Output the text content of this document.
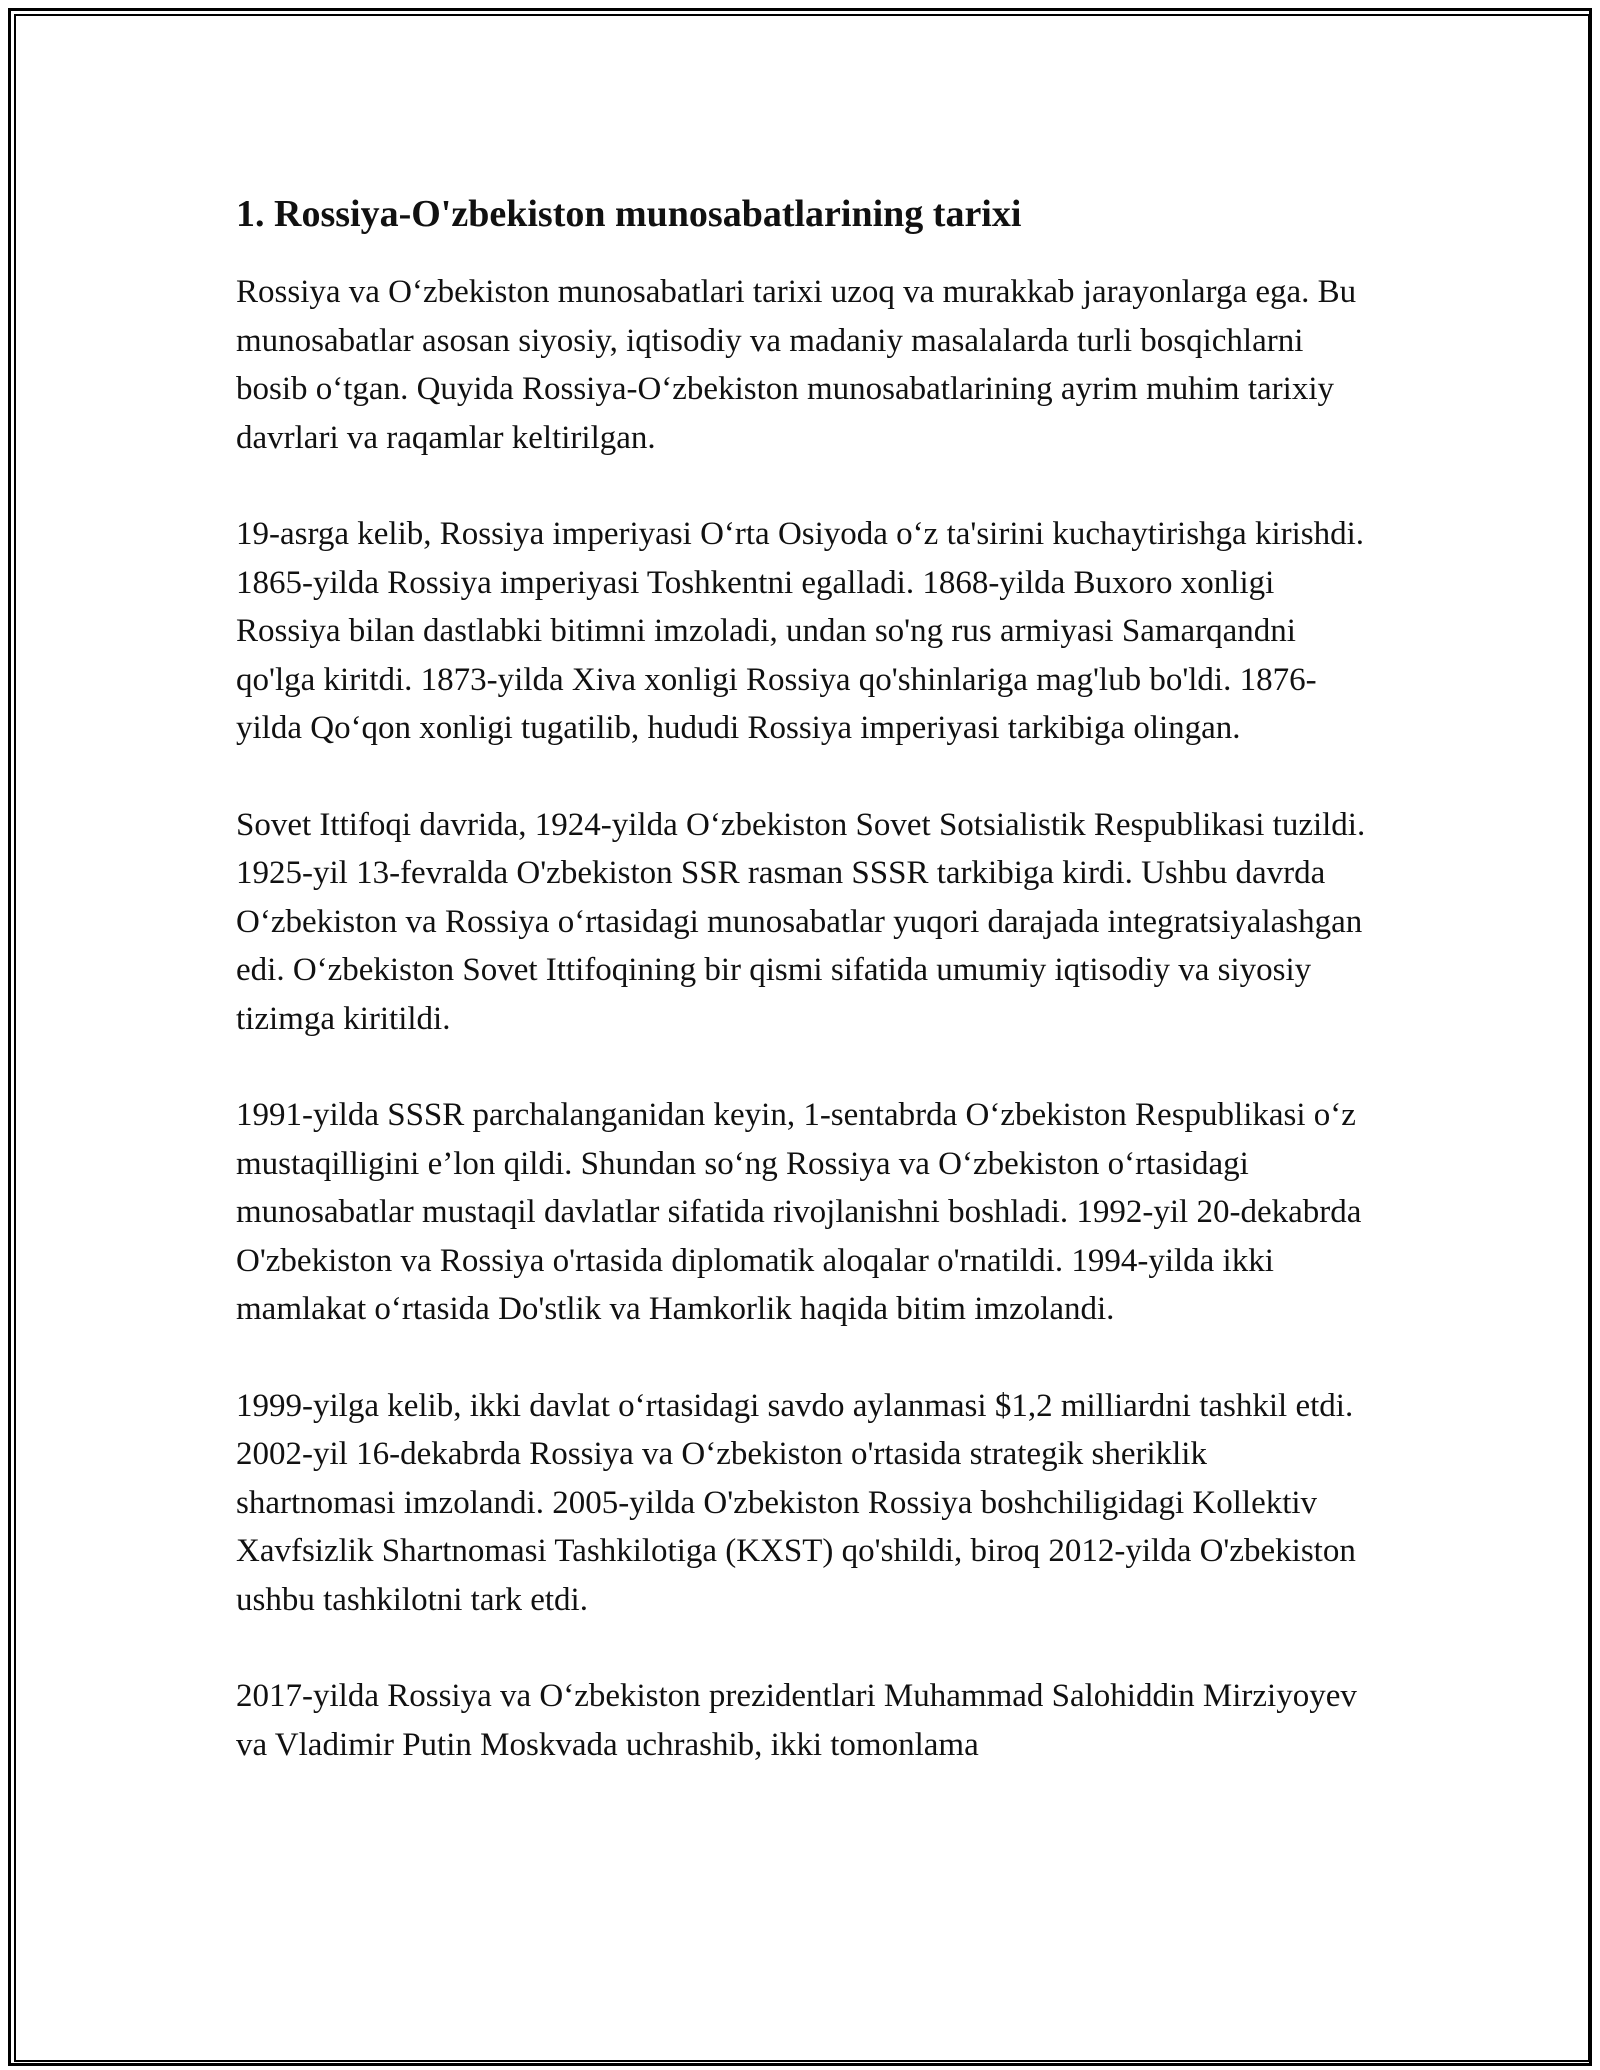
1. Rossiya-O'zbekiston munosabatlarining tarixi

Rossiya va O‘zbekiston munosabatlari tarixi uzoq va murakkab jarayonlarga ega. Bu munosabatlar asosan siyosiy, iqtisodiy va madaniy masalalarda turli bosqichlarni bosib o‘tgan. Quyida Rossiya-O‘zbekiston munosabatlarining ayrim muhim tarixiy davrlari va raqamlar keltirilgan.

19-asrga kelib, Rossiya imperiyasi O‘rta Osiyoda o‘z ta'sirini kuchaytirishga kirishdi. 1865-yilda Rossiya imperiyasi Toshkentni egalladi. 1868-yilda Buxoro xonligi Rossiya bilan dastlabki bitimni imzoladi, undan so'ng rus armiyasi Samarqandni qo'lga kiritdi. 1873-yilda Xiva xonligi Rossiya qo'shinlariga mag'lub bo'ldi. 1876-yilda Qo‘qon xonligi tugatilib, hududi Rossiya imperiyasi tarkibiga olingan.

Sovet Ittifoqi davrida, 1924-yilda O‘zbekiston Sovet Sotsialistik Respublikasi tuzildi. 1925-yil 13-fevralda O'zbekiston SSR rasman SSSR tarkibiga kirdi. Ushbu davrda O‘zbekiston va Rossiya o‘rtasidagi munosabatlar yuqori darajada integratsiyalashgan edi. O‘zbekiston Sovet Ittifoqining bir qismi sifatida umumiy iqtisodiy va siyosiy tizimga kiritildi.

1991-yilda SSSR parchalanganidan keyin, 1-sentabrda O‘zbekiston Respublikasi o‘z mustaqilligini e’lon qildi. Shundan so‘ng Rossiya va O‘zbekiston o‘rtasidagi munosabatlar mustaqil davlatlar sifatida rivojlanishni boshladi. 1992-yil 20-dekabrda O'zbekiston va Rossiya o'rtasida diplomatik aloqalar o'rnatildi. 1994-yilda ikki mamlakat o‘rtasida Do'stlik va Hamkorlik haqida bitim imzolandi.

1999-yilga kelib, ikki davlat o‘rtasidagi savdo aylanmasi $1,2 milliardni tashkil etdi. 2002-yil 16-dekabrda Rossiya va O‘zbekiston o'rtasida strategik sheriklik shartnomasi imzolandi. 2005-yilda O'zbekiston Rossiya boshchiligidagi Kollektiv Xavfsizlik Shartnomasi Tashkilotiga (KXST) qo'shildi, biroq 2012-yilda O'zbekiston ushbu tashkilotni tark etdi.

2017-yilda Rossiya va O‘zbekiston prezidentlari Muhammad Salohiddin Mirziyoyev va Vladimir Putin Moskvada uchrashib, ikki tomonlama
